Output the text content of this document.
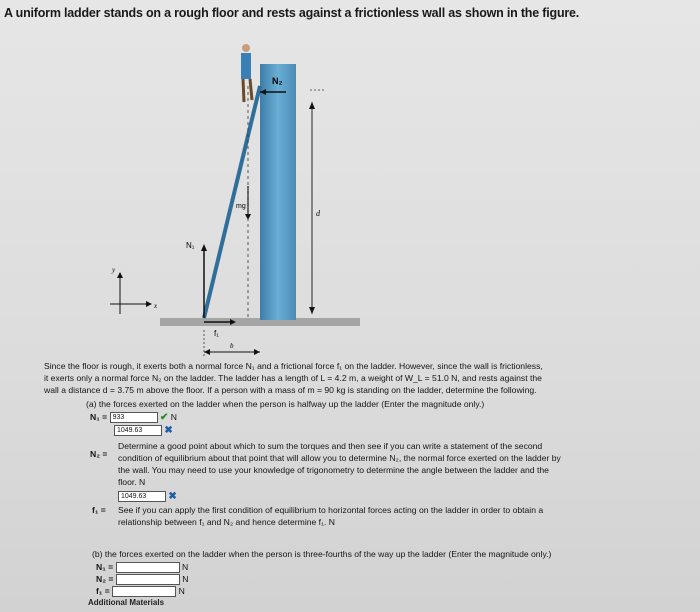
A uniform ladder stands on a rough floor and rests against a frictionless wall as shown in the figure.
N₂
mg
d
N₁
y
x
f₁
b
Since the floor is rough, it exerts both a normal force N₁ and a frictional force f₁ on the ladder. However, since the wall is frictionless,
it exerts only a normal force N₂ on the ladder. The ladder has a length of L = 4.2 m, a weight of W_L = 51.0 N, and rests against the
wall a distance d = 3.75 m above the floor. If a person with a mass of m = 90 kg is standing on the ladder, determine the following.
(a) the forces exerted on the ladder when the person is halfway up the ladder (Enter the magnitude only.)
N₁ = 933	✔ N
1049.63 ✖
N₂ =
Determine a good point about which to sum the torques and then see if you can write a statement of the second
condition of equilibrium about that point that will allow you to determine N₂, the normal force exerted on the ladder by
the wall. You may need to use your knowledge of trigonometry to determine the angle between the ladder and the
floor. N
1049.63 ✖
f₁ = See if you can apply the first condition of equilibrium to horizontal forces acting on the ladder in order to obtain a
relationship between f₁ and N₂ and hence determine f₁. N
(b) the forces exerted on the ladder when the person is three-fourths of the way up the ladder (Enter the magnitude only.)
N₁ =	N
N₂ =	N
f₁ =	N
Additional Materials
